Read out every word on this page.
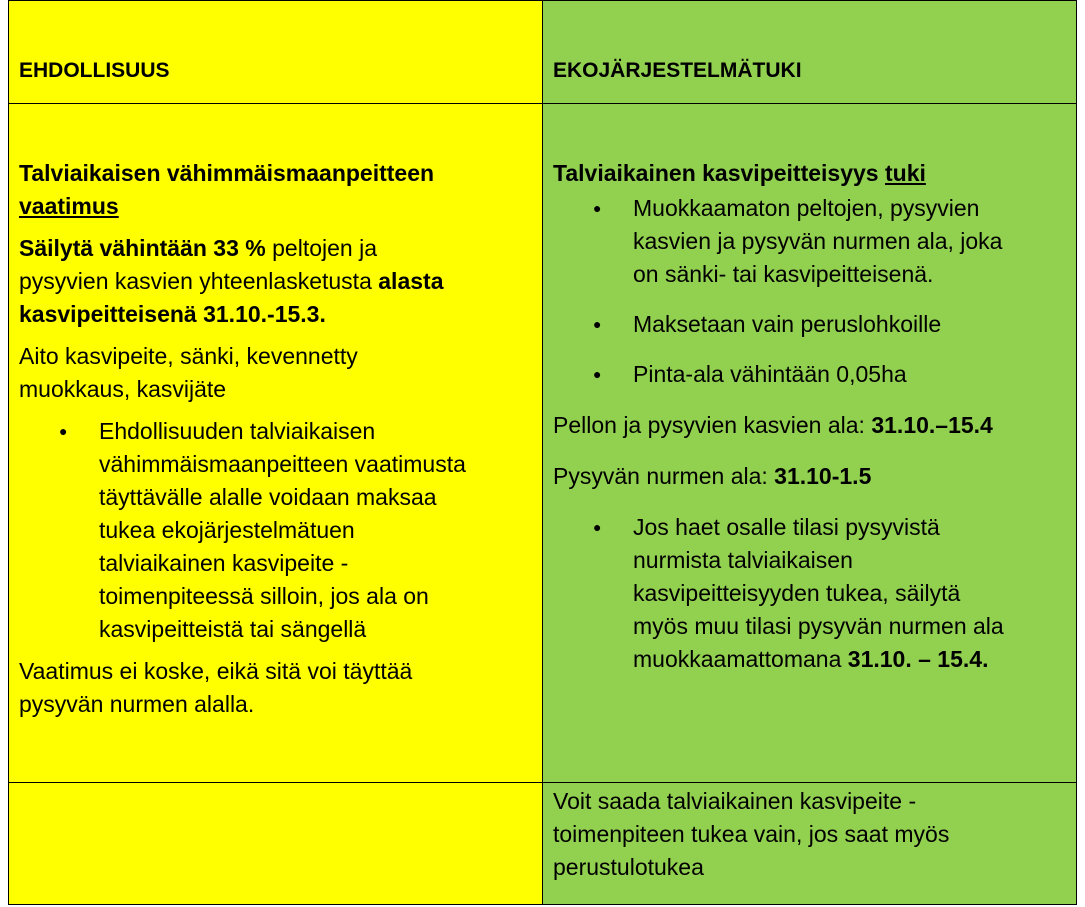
EHDOLLISUUS	EKOJÄRJESTELMÄTUKI

Talviaikaisen vähimmäismaanpeitteen
vaatimus

Säilytä vähintään 33 % peltojen ja
pysyvien kasvien yhteenlasketusta alasta
kasvipeitteisenä 31.10.-15.3.

Aito kasvipeite, sänki, kevennetty
muokkaus, kasvijäte

● Ehdollisuuden talviaikaisen
vähimmäismaanpeitteen vaatimusta
täyttävälle alalle voidaan maksaa
tukea ekojärjestelmätuen
talviaikainen kasvipeite -
toimenpiteessä silloin, jos ala on
kasvipeitteistä tai sängellä

Vaatimus ei koske, eikä sitä voi täyttää
pysyvän nurmen alalla.

Talviaikainen kasvipeitteisyys tuki

● Muokkaamaton peltojen, pysyvien
kasvien ja pysyvän nurmen ala, joka
on sänki- tai kasvipeitteisenä.

● Maksetaan vain peruslohkoille

● Pinta-ala vähintään 0,05ha

Pellon ja pysyvien kasvien ala: 31.10.–15.4

Pysyvän nurmen ala: 31.10-1.5

● Jos haet osalle tilasi pysyvistä
nurmista talviaikaisen
kasvipeitteisyyden tukea, säilytä
myös muu tilasi pysyvän nurmen ala
muokkaamattomana 31.10. – 15.4.

Voit saada talviaikainen kasvipeite -
toimenpiteen tukea vain, jos saat myös
perustulotukea
